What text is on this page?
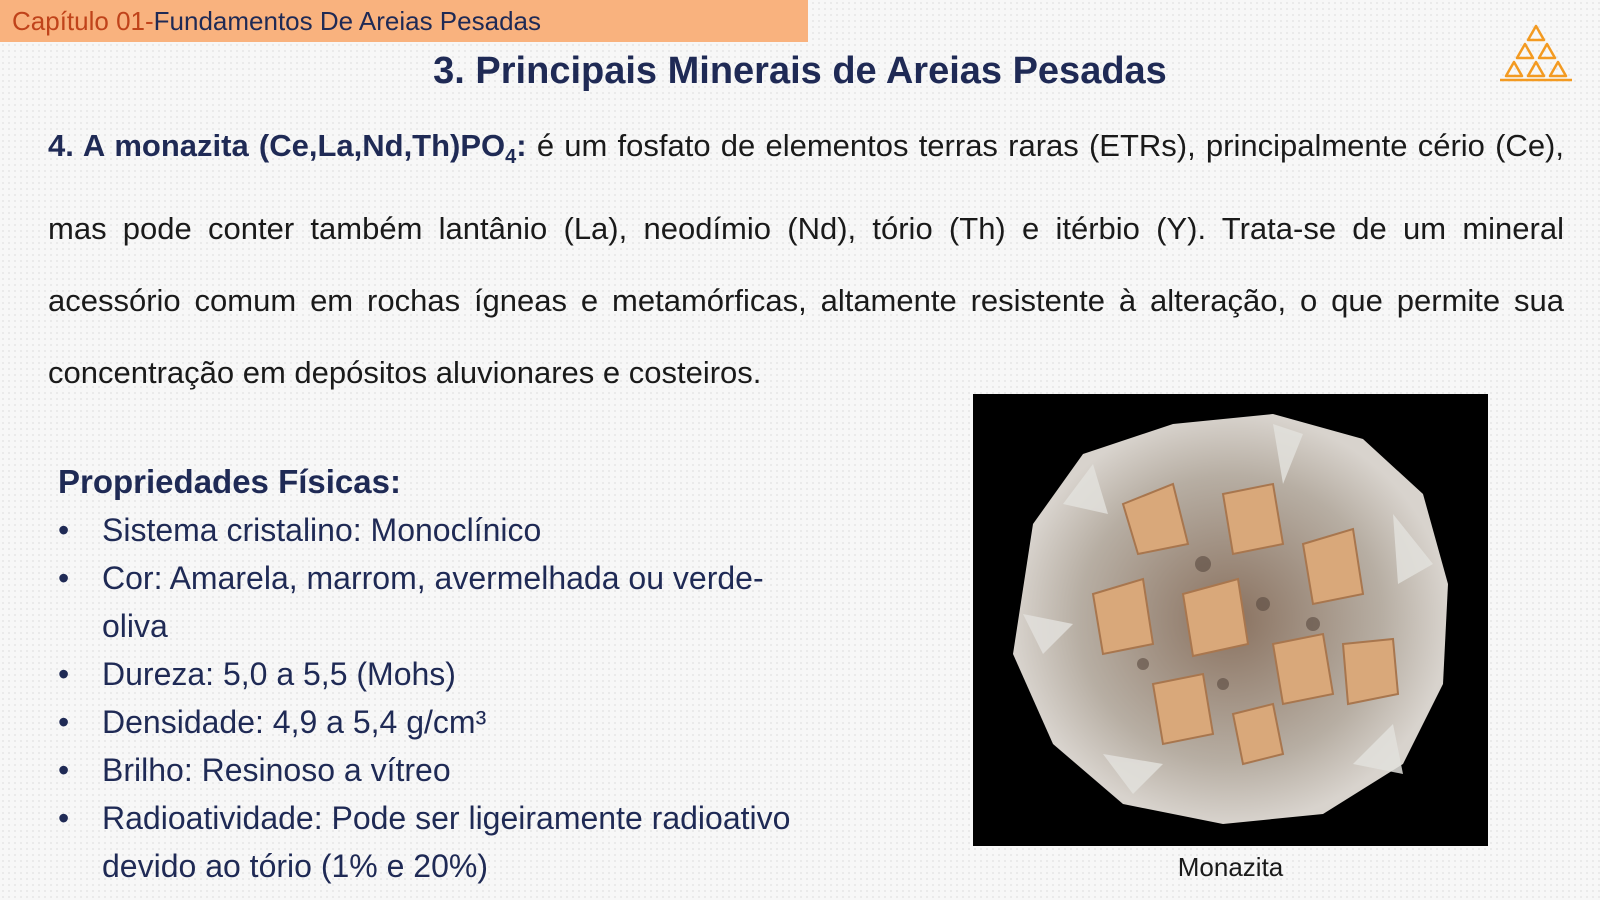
Capítulo 01- Fundamentos De Areias Pesadas
3. Principais Minerais de Areias Pesadas
4. A monazita $(Ce,La,Nd,Th)PO_4$: é um fosfato de elementos terras raras (ETRs), principalmente cério (Ce), mas pode conter também lantânio (La), neodímio (Nd), tório (Th) e itérbio (Y). Trata-se de um mineral acessório comum em rochas ígneas e metamórficas, altamente resistente à alteração, o que permite sua concentração em depósitos aluvionares e costeiros.
Propriedades Físicas:
• Sistema cristalino: Monoclínico
• Cor: Amarela, marrom, avermelhada ou verde-oliva
• Dureza: 5,0 a 5,5 (Mohs)
• Densidade: 4,9 a 5,4 g/cm³
• Brilho: Resinoso a vítreo
• Radioatividade: Pode ser ligeiramente radioativo devido ao tório (1% e 20%)	Monazita
